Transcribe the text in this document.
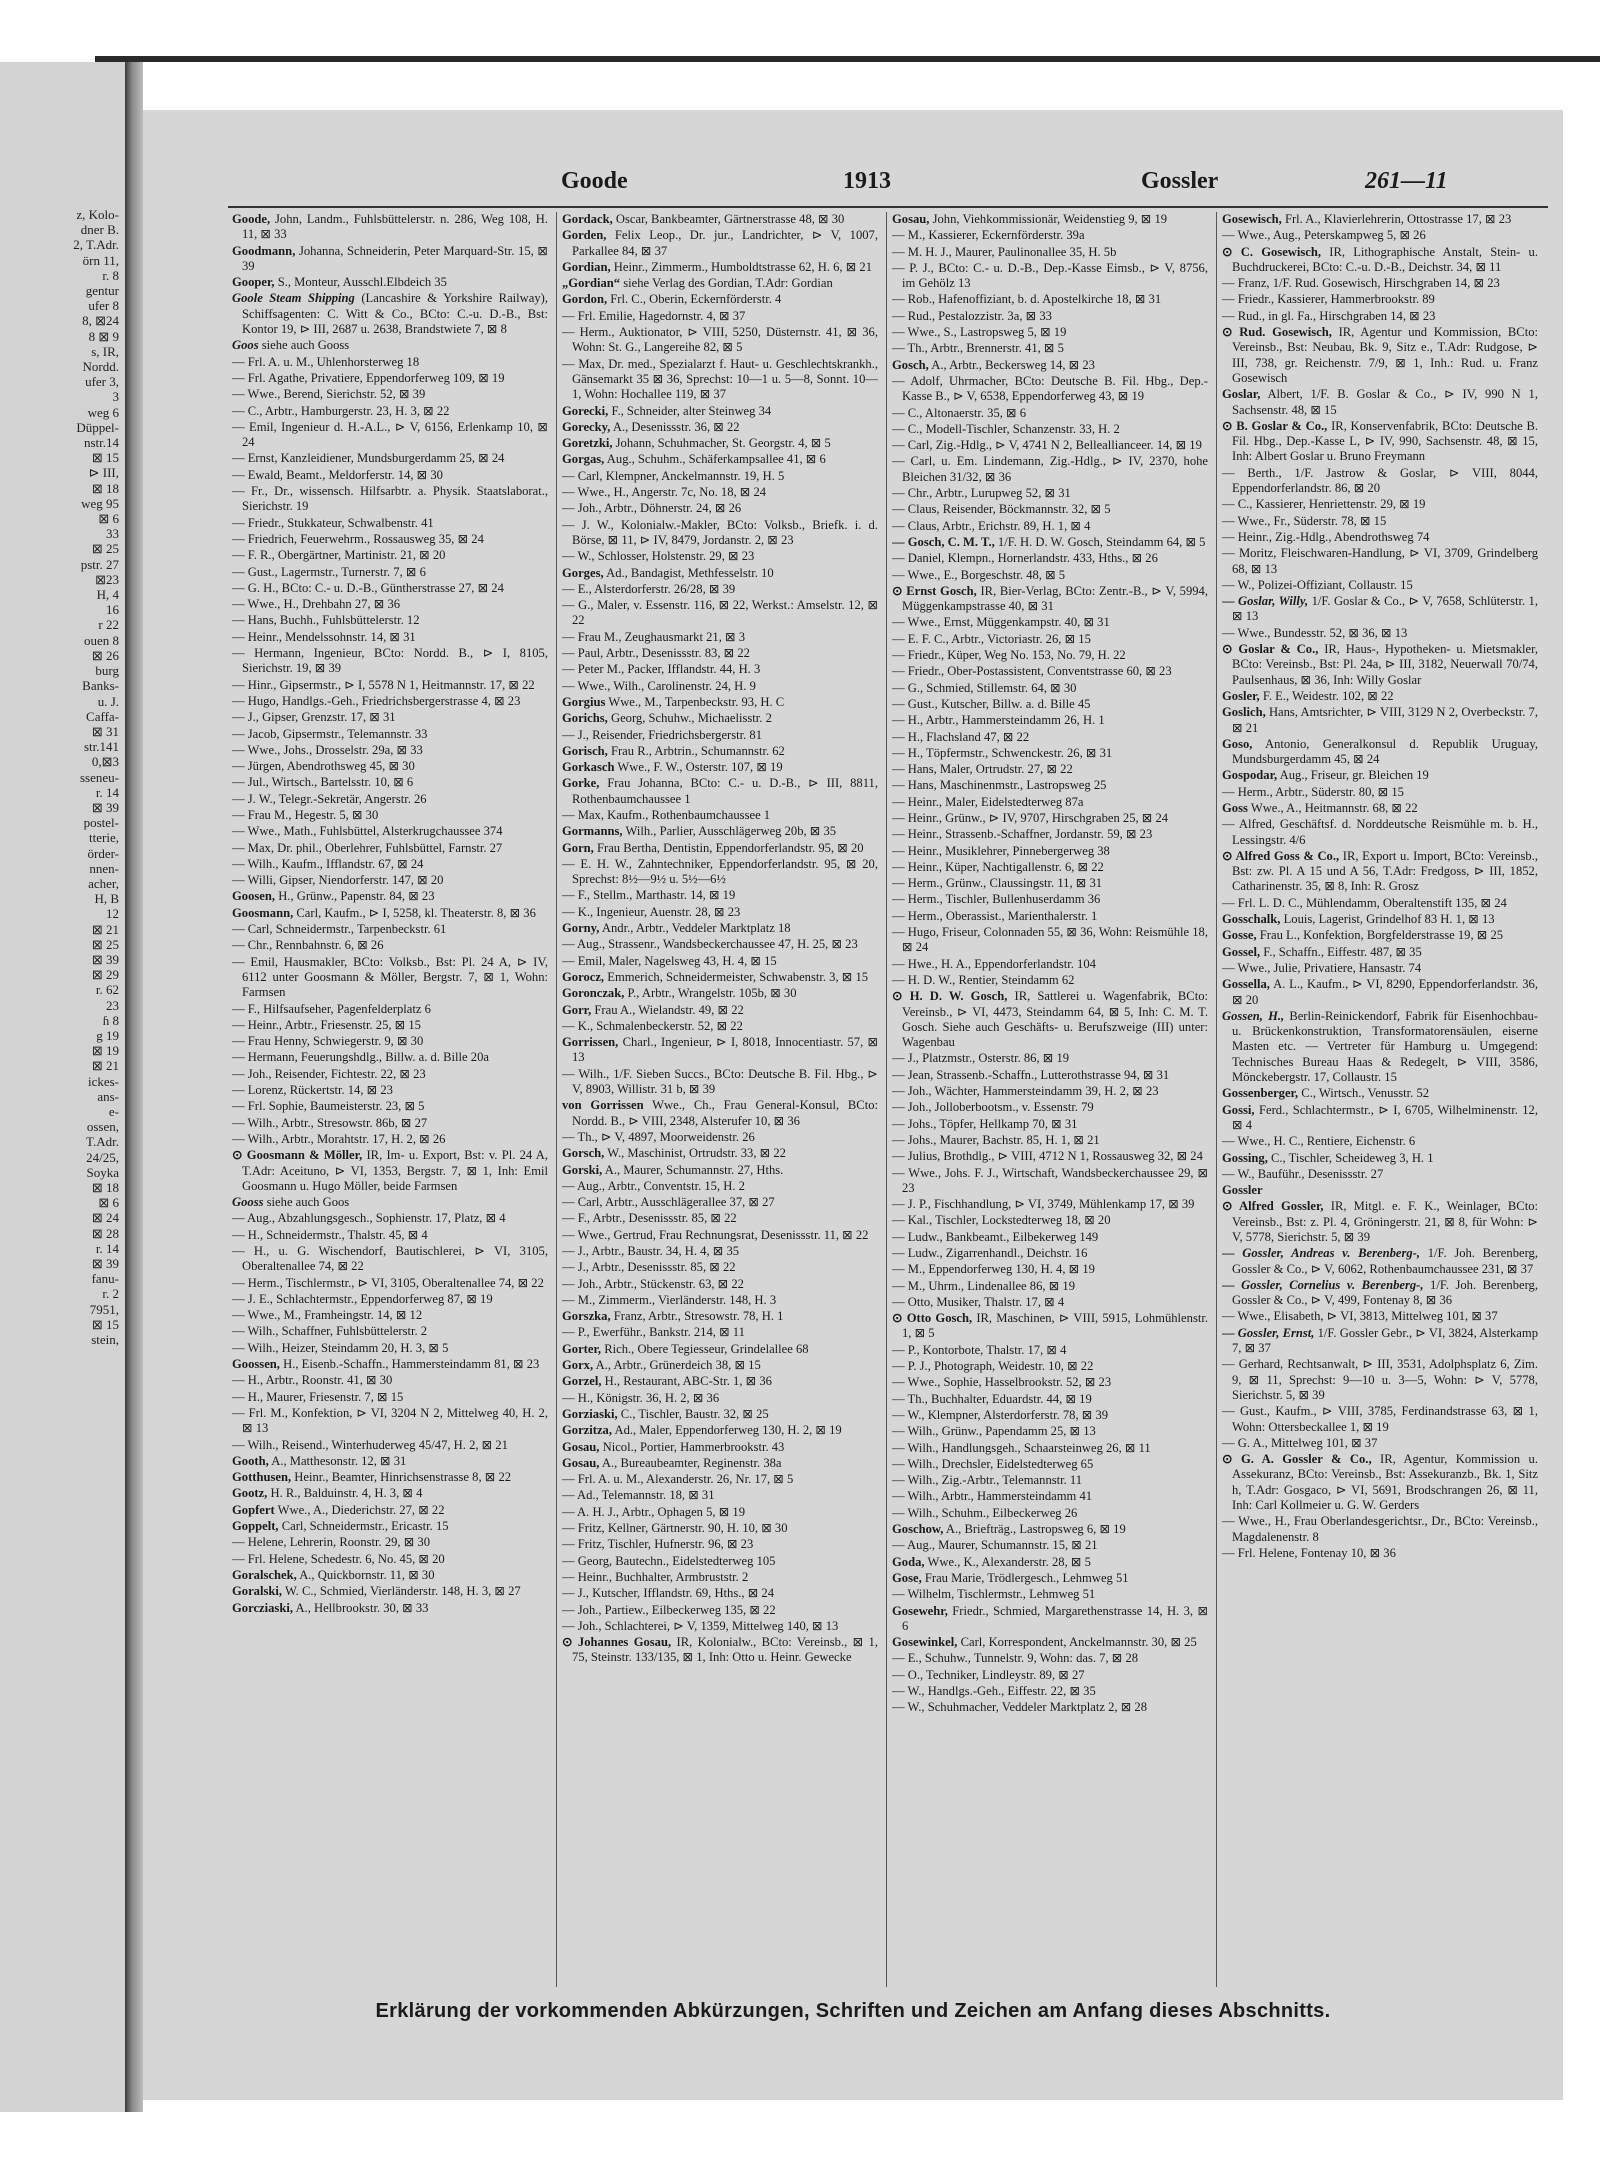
z, Kolo-
dner B.
2, T.Adr.
örn 11,
r. 8
gentur
ufer 8
8, ⊠24
8 ⊠ 9
s, IR,
Nordd.
ufer 3,
3
weg 6
Düppel-
nstr.14
⊠ 15
⊳ III,
⊠ 18
weg 95
⊠ 6
33
⊠ 25
pstr. 27
⊠23
H, 4
16
r 22
ouen 8
⊠ 26
burg
Banks-
u. J.
Caffa-
⊠ 31
str.141
0,⊠3
sseneu-
r. 14
⊠ 39
postel-
tterie,
örder-
nnen-
acher,
H, B
12
⊠ 21
⊠ 25
⊠ 39
⊠ 29
r. 62
23
ɦ 8
g 19
⊠ 19
⊠ 21
ickes-
ans-
e-
ossen,
T.Adr.
24/25,
Soyka
⊠ 18
⊠ 6
⊠ 24
⊠ 28
r. 14
⊠ 39
fanu-
r. 2
7951,
⊠ 15
stein,
Goode	1913	Gossler	261—11
Goode, John, Landm., Fuhlsbüttelerstr. n. 286, Weg 108, H. 11, ⊠ 33
Goodmann, Johanna, Schneiderin, Peter Marquard-Str. 15, ⊠ 39
Gooper, S., Monteur, Ausschl.Elbdeich 35
Goole Steam Shipping (Lancashire & Yorkshire Railway), Schiffsagenten: C. Witt & Co., BCto: C.-u. D.-B., Bst: Kontor 19, ⊳ III, 2687 u. 2638, Brandstwiete 7, ⊠ 8
Goos siehe auch Gooss
— Frl. A. u. M., Uhlenhorsterweg 18
— Frl. Agathe, Privatiere, Eppendorferweg 109, ⊠ 19
— Wwe., Berend, Sierichstr. 52, ⊠ 39
— C., Arbtr., Hamburgerstr. 23, H. 3, ⊠ 22
— Emil, Ingenieur d. H.-A.L., ⊳ V, 6156, Erlenkamp 10, ⊠ 24
— Ernst, Kanzleidiener, Mundsburgerdamm 25, ⊠ 24
— Ewald, Beamt., Meldorferstr. 14, ⊠ 30
— Fr., Dr., wissensch. Hilfsarbtr. a. Physik. Staatslaborat., Sierichstr. 19
— Friedr., Stukkateur, Schwalbenstr. 41
— Friedrich, Feuerwehrm., Rossausweg 35, ⊠ 24
— F. R., Obergärtner, Martinistr. 21, ⊠ 20
— Gust., Lagermstr., Turnerstr. 7, ⊠ 6
— G. H., BCto: C.- u. D.-B., Güntherstrasse 27, ⊠ 24
— Wwe., H., Drehbahn 27, ⊠ 36
— Hans, Buchh., Fuhlsbüttelerstr. 12
— Heinr., Mendelssohnstr. 14, ⊠ 31
— Hermann, Ingenieur, BCto: Nordd. B., ⊳ I, 8105, Sierichstr. 19, ⊠ 39
— Hinr., Gipsermstr., ⊳ I, 5578 N 1, Heitmannstr. 17, ⊠ 22
— Hugo, Handlgs.-Geh., Friedrichsbergerstrasse 4, ⊠ 23
— J., Gipser, Grenzstr. 17, ⊠ 31
— Jacob, Gipsermstr., Telemannstr. 33
— Wwe., Johs., Drosselstr. 29a, ⊠ 33
— Jürgen, Abendrothsweg 45, ⊠ 30
— Jul., Wirtsch., Bartelsstr. 10, ⊠ 6
— J. W., Telegr.-Sekretär, Angerstr. 26
— Frau M., Hegestr. 5, ⊠ 30
— Wwe., Math., Fuhlsbüttel, Alsterkrugchaussee 374
— Max, Dr. phil., Oberlehrer, Fuhlsbüttel, Farnstr. 27
— Wilh., Kaufm., Ifflandstr. 67, ⊠ 24
— Willi, Gipser, Niendorferstr. 147, ⊠ 20
Goosen, H., Grünw., Papenstr. 84, ⊠ 23
Goosmann, Carl, Kaufm., ⊳ I, 5258, kl. Theaterstr. 8, ⊠ 36
— Carl, Schneidermstr., Tarpenbeckstr. 61
— Chr., Rennbahnstr. 6, ⊠ 26
— Emil, Hausmakler, BCto: Volksb., Bst: Pl. 24 A, ⊳ IV, 6112 unter Goosmann & Möller, Bergstr. 7, ⊠ 1, Wohn: Farmsen
— F., Hilfsaufseher, Pagenfelderplatz 6
— Heinr., Arbtr., Friesenstr. 25, ⊠ 15
— Frau Henny, Schwiegerstr. 9, ⊠ 30
— Hermann, Feuerungshdlg., Billw. a. d. Bille 20a
— Joh., Reisender, Fichtestr. 22, ⊠ 23
— Lorenz, Rückertstr. 14, ⊠ 23
— Frl. Sophie, Baumeisterstr. 23, ⊠ 5
— Wilh., Arbtr., Stresowstr. 86b, ⊠ 27
— Wilh., Arbtr., Morahtstr. 17, H. 2, ⊠ 26
⊙ Goosmann & Möller, IR, Im- u. Export, Bst: v. Pl. 24 A, T.Adr: Aceituno, ⊳ VI, 1353, Bergstr. 7, ⊠ 1, Inh: Emil Goosmann u. Hugo Möller, beide Farmsen
Gooss siehe auch Goos
— Aug., Abzahlungsgesch., Sophienstr. 17, Platz, ⊠ 4
— H., Schneidermstr., Thalstr. 45, ⊠ 4
— H., u. G. Wischendorf, Bautischlerei, ⊳ VI, 3105, Oberaltenallee 74, ⊠ 22
— Herm., Tischlermstr., ⊳ VI, 3105, Oberaltenallee 74, ⊠ 22
— J. E., Schlachtermstr., Eppendorferweg 87, ⊠ 19
— Wwe., M., Framheingstr. 14, ⊠ 12
— Wilh., Schaffner, Fuhlsbüttelerstr. 2
— Wilh., Heizer, Steindamm 20, H. 3, ⊠ 5
Goossen, H., Eisenb.-Schaffn., Hammersteindamm 81, ⊠ 23
— H., Arbtr., Roonstr. 41, ⊠ 30
— H., Maurer, Friesenstr. 7, ⊠ 15
— Frl. M., Konfektion, ⊳ VI, 3204 N 2, Mittelweg 40, H. 2, ⊠ 13
— Wilh., Reisend., Winterhuderweg 45/47, H. 2, ⊠ 21
Gooth, A., Matthesonstr. 12, ⊠ 31
Gotthusen, Heinr., Beamter, Hinrichsenstrasse 8, ⊠ 22
Gootz, H. R., Balduinstr. 4, H. 3, ⊠ 4
Gopfert Wwe., A., Diederichstr. 27, ⊠ 22
Goppelt, Carl, Schneidermstr., Ericastr. 15
— Helene, Lehrerin, Roonstr. 29, ⊠ 30
— Frl. Helene, Schedestr. 6, No. 45, ⊠ 20
Goralschek, A., Quickbornstr. 11, ⊠ 30
Goralski, W. C., Schmied, Vierländerstr. 148, H. 3, ⊠ 27
Gorcziaski, A., Hellbrookstr. 30, ⊠ 33
Gordack, Oscar, Bankbeamter, Gärtnerstrasse 48, ⊠ 30
Gorden, Felix Leop., Dr. jur., Landrichter, ⊳ V, 1007, Parkallee 84, ⊠ 37
Gordian, Heinr., Zimmerm., Humboldtstrasse 62, H. 6, ⊠ 21
„Gordian“ siehe Verlag des Gordian, T.Adr: Gordian
Gordon, Frl. C., Oberin, Eckernförderstr. 4
— Frl. Emilie, Hagedornstr. 4, ⊠ 37
— Herm., Auktionator, ⊳ VIII, 5250, Düsternstr. 41, ⊠ 36, Wohn: St. G., Langereihe 82, ⊠ 5
— Max, Dr. med., Spezialarzt f. Haut- u. Geschlechtskrankh., Gänsemarkt 35 ⊠ 36, Sprechst: 10—1 u. 5—8, Sonnt. 10—1, Wohn: Hochallee 119, ⊠ 37
Gorecki, F., Schneider, alter Steinweg 34
Gorecky, A., Desenissstr. 36, ⊠ 22
Goretzki, Johann, Schuhmacher, St. Georgstr. 4, ⊠ 5
Gorgas, Aug., Schuhm., Schäferkampsallee 41, ⊠ 6
— Carl, Klempner, Anckelmannstr. 19, H. 5
— Wwe., H., Angerstr. 7c, No. 18, ⊠ 24
— Joh., Arbtr., Döhnerstr. 24, ⊠ 26
— J. W., Kolonialw.-Makler, BCto: Volksb., Briefk. i. d. Börse, ⊠ 11, ⊳ IV, 8479, Jordanstr. 2, ⊠ 23
— W., Schlosser, Holstenstr. 29, ⊠ 23
Gorges, Ad., Bandagist, Methfesselstr. 10
— E., Alsterdorferstr. 26/28, ⊠ 39
— G., Maler, v. Essenstr. 116, ⊠ 22, Werkst.: Amselstr. 12, ⊠ 22
— Frau M., Zeughausmarkt 21, ⊠ 3
— Paul, Arbtr., Desenissstr. 83, ⊠ 22
— Peter M., Packer, Ifflandstr. 44, H. 3
— Wwe., Wilh., Carolinenstr. 24, H. 9
Gorgius Wwe., M., Tarpenbeckstr. 93, H. C
Gorichs, Georg, Schuhw., Michaelisstr. 2
— J., Reisender, Friedrichsbergerstr. 81
Gorisch, Frau R., Arbtrin., Schumannstr. 62
Gorkasch Wwe., F. W., Osterstr. 107, ⊠ 19
Gorke, Frau Johanna, BCto: C.- u. D.-B., ⊳ III, 8811, Rothenbaumchaussee 1
— Max, Kaufm., Rothenbaumchaussee 1
Gormanns, Wilh., Parlier, Ausschlägerweg 20b, ⊠ 35
Gorn, Frau Bertha, Dentistin, Eppendorferlandstr. 95, ⊠ 20
— E. H. W., Zahntechniker, Eppendorferlandstr. 95, ⊠ 20, Sprechst: 8½—9½ u. 5½—6½
— F., Stellm., Marthastr. 14, ⊠ 19
— K., Ingenieur, Auenstr. 28, ⊠ 23
Gorny, Andr., Arbtr., Veddeler Marktplatz 18
— Aug., Strassenr., Wandsbeckerchaussee 47, H. 25, ⊠ 23
— Emil, Maler, Nagelsweg 43, H. 4, ⊠ 15
Gorocz, Emmerich, Schneidermeister, Schwabenstr. 3, ⊠ 15
Goronczak, P., Arbtr., Wrangelstr. 105b, ⊠ 30
Gorr, Frau A., Wielandstr. 49, ⊠ 22
— K., Schmalenbeckerstr. 52, ⊠ 22
Gorrissen, Charl., Ingenieur, ⊳ I, 8018, Innocentiastr. 57, ⊠ 13
— Wilh., 1/F. Sieben Succs., BCto: Deutsche B. Fil. Hbg., ⊳ V, 8903, Willistr. 31 b, ⊠ 39
von Gorrissen Wwe., Ch., Frau General-Konsul, BCto: Nordd. B., ⊳ VIII, 2348, Alsterufer 10, ⊠ 36
— Th., ⊳ V, 4897, Moorweidenstr. 26
Gorsch, W., Maschinist, Ortrudstr. 33, ⊠ 22
Gorski, A., Maurer, Schumannstr. 27, Hths.
— Aug., Arbtr., Conventstr. 15, H. 2
— Carl, Arbtr., Ausschlägerallee 37, ⊠ 27
— F., Arbtr., Desenissstr. 85, ⊠ 22
— Wwe., Gertrud, Frau Rechnungsrat, Desenissstr. 11, ⊠ 22
— J., Arbtr., Baustr. 34, H. 4, ⊠ 35
— J., Arbtr., Desenissstr. 85, ⊠ 22
— Joh., Arbtr., Stückenstr. 63, ⊠ 22
— M., Zimmerm., Vierländerstr. 148, H. 3
Gorszka, Franz, Arbtr., Stresowstr. 78, H. 1
— P., Ewerführ., Bankstr. 214, ⊠ 11
Gorter, Rich., Obere Tegiesseur, Grindelallee 68
Gorx, A., Arbtr., Grünerdeich 38, ⊠ 15
Gorzel, H., Restaurant, ABC-Str. 1, ⊠ 36
— H., Königstr. 36, H. 2, ⊠ 36
Gorziaski, C., Tischler, Baustr. 32, ⊠ 25
Gorzitza, Ad., Maler, Eppendorferweg 130, H. 2, ⊠ 19
Gosau, Nicol., Portier, Hammerbrookstr. 43
Gosau, A., Bureaubeamter, Reginenstr. 38a
— Frl. A. u. M., Alexanderstr. 26, Nr. 17, ⊠ 5
— Ad., Telemannstr. 18, ⊠ 31
— A. H. J., Arbtr., Ophagen 5, ⊠ 19
— Fritz, Kellner, Gärtnerstr. 90, H. 10, ⊠ 30
— Fritz, Tischler, Hufnerstr. 96, ⊠ 23
— Georg, Bautechn., Eidelstedterweg 105
— Heinr., Buchhalter, Armbruststr. 2
— J., Kutscher, Ifflandstr. 69, Hths., ⊠ 24
— Joh., Partiew., Eilbeckerweg 135, ⊠ 22
— Joh., Schlachterei, ⊳ V, 1359, Mittelweg 140, ⊠ 13
⊙ Johannes Gosau, IR, Kolonialw., BCto: Vereinsb., ⊠ 1, 75, Steinstr. 133/135, ⊠ 1, Inh: Otto u. Heinr. Gewecke
Gosau, John, Viehkommissionär, Weidenstieg 9, ⊠ 19
— M., Kassierer, Eckernförderstr. 39a
— M. H. J., Maurer, Paulinonallee 35, H. 5b
— P. J., BCto: C.- u. D.-B., Dep.-Kasse Eimsb., ⊳ V, 8756, im Gehölz 13
— Rob., Hafenoffiziant, b. d. Apostelkirche 18, ⊠ 31
— Rud., Pestalozzistr. 3a, ⊠ 33
— Wwe., S., Lastropsweg 5, ⊠ 19
— Th., Arbtr., Brennerstr. 41, ⊠ 5
Gosch, A., Arbtr., Beckersweg 14, ⊠ 23
— Adolf, Uhrmacher, BCto: Deutsche B. Fil. Hbg., Dep.-Kasse B., ⊳ V, 6538, Eppendorferweg 43, ⊠ 19
— C., Altonaerstr. 35, ⊠ 6
— C., Modell-Tischler, Schanzenstr. 33, H. 2
— Carl, Zig.-Hdlg., ⊳ V, 4741 N 2, Belleallianceer. 14, ⊠ 19
— Carl, u. Em. Lindemann, Zig.-Hdlg., ⊳ IV, 2370, hohe Bleichen 31/32, ⊠ 36
— Chr., Arbtr., Lurupweg 52, ⊠ 31
— Claus, Reisender, Böckmannstr. 32, ⊠ 5
— Claus, Arbtr., Erichstr. 89, H. 1, ⊠ 4
— Gosch, C. M. T., 1/F. H. D. W. Gosch, Steindamm 64, ⊠ 5
— Daniel, Klempn., Hornerlandstr. 433, Hths., ⊠ 26
— Wwe., E., Borgeschstr. 48, ⊠ 5
⊙ Ernst Gosch, IR, Bier-Verlag, BCto: Zentr.-B., ⊳ V, 5994, Müggenkampstrasse 40, ⊠ 31
— Wwe., Ernst, Müggenkampstr. 40, ⊠ 31
— E. F. C., Arbtr., Victoriastr. 26, ⊠ 15
— Friedr., Küper, Weg No. 153, No. 79, H. 22
— Friedr., Ober-Postassistent, Conventstrasse 60, ⊠ 23
— G., Schmied, Stillemstr. 64, ⊠ 30
— Gust., Kutscher, Billw. a. d. Bille 45
— H., Arbtr., Hammersteindamm 26, H. 1
— H., Flachsland 47, ⊠ 22
— H., Töpfermstr., Schwenckestr. 26, ⊠ 31
— Hans, Maler, Ortrudstr. 27, ⊠ 22
— Hans, Maschinenmstr., Lastropsweg 25
— Heinr., Maler, Eidelstedterweg 87a
— Heinr., Grünw., ⊳ IV, 9707, Hirschgraben 25, ⊠ 24
— Heinr., Strassenb.-Schaffner, Jordanstr. 59, ⊠ 23
— Heinr., Musiklehrer, Pinnebergerweg 38
— Heinr., Küper, Nachtigallenstr. 6, ⊠ 22
— Herm., Grünw., Claussingstr. 11, ⊠ 31
— Herm., Tischler, Bullenhuserdamm 36
— Herm., Oberassist., Marienthalerstr. 1
— Hugo, Friseur, Colonnaden 55, ⊠ 36, Wohn: Reismühle 18, ⊠ 24
— Hwe., H. A., Eppendorferlandstr. 104
— H. D. W., Rentier, Steindamm 62
⊙ H. D. W. Gosch, IR, Sattlerei u. Wagenfabrik, BCto: Vereinsb., ⊳ VI, 4473, Steindamm 64, ⊠ 5, Inh: C. M. T. Gosch. Siehe auch Geschäfts- u. Berufszweige (III) unter: Wagenbau
— J., Platzmstr., Osterstr. 86, ⊠ 19
— Jean, Strassenb.-Schaffn., Lutterothstrasse 94, ⊠ 31
— Joh., Wächter, Hammersteindamm 39, H. 2, ⊠ 23
— Joh., Jolloberbootsm., v. Essenstr. 79
— Johs., Töpfer, Hellkamp 70, ⊠ 31
— Johs., Maurer, Bachstr. 85, H. 1, ⊠ 21
— Julius, Brothdlg., ⊳ VIII, 4712 N 1, Rossausweg 32, ⊠ 24
— Wwe., Johs. F. J., Wirtschaft, Wandsbeckerchaussee 29, ⊠ 23
— J. P., Fischhandlung, ⊳ VI, 3749, Mühlenkamp 17, ⊠ 39
— Kal., Tischler, Lockstedterweg 18, ⊠ 20
— Ludw., Bankbeamt., Eilbekerweg 149
— Ludw., Zigarrenhandl., Deichstr. 16
— M., Eppendorferweg 130, H. 4, ⊠ 19
— M., Uhrm., Lindenallee 86, ⊠ 19
— Otto, Musiker, Thalstr. 17, ⊠ 4
⊙ Otto Gosch, IR, Maschinen, ⊳ VIII, 5915, Lohmühlenstr. 1, ⊠ 5
— P., Kontorbote, Thalstr. 17, ⊠ 4
— P. J., Photograph, Weidestr. 10, ⊠ 22
— Wwe., Sophie, Hasselbrookstr. 52, ⊠ 23
— Th., Buchhalter, Eduardstr. 44, ⊠ 19
— W., Klempner, Alsterdorferstr. 78, ⊠ 39
— Wilh., Grünw., Papendamm 25, ⊠ 13
— Wilh., Handlungsgeh., Schaarsteinweg 26, ⊠ 11
— Wilh., Drechsler, Eidelstedterweg 65
— Wilh., Zig.-Arbtr., Telemannstr. 11
— Wilh., Arbtr., Hammersteindamm 41
— Wilh., Schuhm., Eilbeckerweg 26
Goschow, A., Briefträg., Lastropsweg 6, ⊠ 19
— Aug., Maurer, Schumannstr. 15, ⊠ 21
Goda, Wwe., K., Alexanderstr. 28, ⊠ 5
Gose, Frau Marie, Trödlergesch., Lehmweg 51
— Wilhelm, Tischlermstr., Lehmweg 51
Gosewehr, Friedr., Schmied, Margarethenstrasse 14, H. 3, ⊠ 6
Gosewinkel, Carl, Korrespondent, Anckelmannstr. 30, ⊠ 25
— E., Schuhw., Tunnelstr. 9, Wohn: das. 7, ⊠ 28
— O., Techniker, Lindleystr. 89, ⊠ 27
— W., Handlgs.-Geh., Eiffestr. 22, ⊠ 35
— W., Schuhmacher, Veddeler Marktplatz 2, ⊠ 28
Gosewisch, Frl. A., Klavierlehrerin, Ottostrasse 17, ⊠ 23
— Wwe., Aug., Peterskampweg 5, ⊠ 26
⊙ C. Gosewisch, IR, Lithographische Anstalt, Stein- u. Buchdruckerei, BCto: C.-u. D.-B., Deichstr. 34, ⊠ 11
— Franz, 1/F. Rud. Gosewisch, Hirschgraben 14, ⊠ 23
— Friedr., Kassierer, Hammerbrookstr. 89
— Rud., in gl. Fa., Hirschgraben 14, ⊠ 23
⊙ Rud. Gosewisch, IR, Agentur und Kommission, BCto: Vereinsb., Bst: Neubau, Bk. 9, Sitz e., T.Adr: Rudgose, ⊳ III, 738, gr. Reichenstr. 7/9, ⊠ 1, Inh.: Rud. u. Franz Gosewisch
Goslar, Albert, 1/F. B. Goslar & Co., ⊳ IV, 990 N 1, Sachsenstr. 48, ⊠ 15
⊙ B. Goslar & Co., IR, Konservenfabrik, BCto: Deutsche B. Fil. Hbg., Dep.-Kasse L, ⊳ IV, 990, Sachsenstr. 48, ⊠ 15, Inh: Albert Goslar u. Bruno Freymann
— Berth., 1/F. Jastrow & Goslar, ⊳ VIII, 8044, Eppendorferlandstr. 86, ⊠ 20
— C., Kassierer, Henriettenstr. 29, ⊠ 19
— Wwe., Fr., Süderstr. 78, ⊠ 15
— Heinr., Zig.-Hdlg., Abendrothsweg 74
— Moritz, Fleischwaren-Handlung, ⊳ VI, 3709, Grindelberg 68, ⊠ 13
— W., Polizei-Offiziant, Collaustr. 15
— Goslar, Willy, 1/F. Goslar & Co., ⊳ V, 7658, Schlüterstr. 1, ⊠ 13
— Wwe., Bundesstr. 52, ⊠ 36, ⊠ 13
⊙ Goslar & Co., IR, Haus-, Hypotheken- u. Mietsmakler, BCto: Vereinsb., Bst: Pl. 24a, ⊳ III, 3182, Neuerwall 70/74, Paulsenhaus, ⊠ 36, Inh: Willy Goslar
Gosler, F. E., Weidestr. 102, ⊠ 22
Goslich, Hans, Amtsrichter, ⊳ VIII, 3129 N 2, Overbeckstr. 7, ⊠ 21
Goso, Antonio, Generalkonsul d. Republik Uruguay, Mundsburgerdamm 45, ⊠ 24
Gospodar, Aug., Friseur, gr. Bleichen 19
— Herm., Arbtr., Süderstr. 80, ⊠ 15
Goss Wwe., A., Heitmannstr. 68, ⊠ 22
— Alfred, Geschäftsf. d. Norddeutsche Reismühle m. b. H., Lessingstr. 4/6
⊙ Alfred Goss & Co., IR, Export u. Import, BCto: Vereinsb., Bst: zw. Pl. A 15 und A 56, T.Adr: Fredgoss, ⊳ III, 1852, Catharinenstr. 35, ⊠ 8, Inh: R. Grosz
— Frl. L. D. C., Mühlendamm, Oberaltenstift 135, ⊠ 24
Gosschalk, Louis, Lagerist, Grindelhof 83 H. 1, ⊠ 13
Gosse, Frau L., Konfektion, Borgfelderstrasse 19, ⊠ 25
Gossel, F., Schaffn., Eiffestr. 487, ⊠ 35
— Wwe., Julie, Privatiere, Hansastr. 74
Gossella, A. L., Kaufm., ⊳ VI, 8290, Eppendorferlandstr. 36, ⊠ 20
Gossen, H., Berlin-Reinickendorf, Fabrik für Eisenhochbau- u. Brückenkonstruktion, Transformatorensäulen, eiserne Masten etc. — Vertreter für Hamburg u. Umgegend: Technisches Bureau Haas & Redegelt, ⊳ VIII, 3586, Mönckebergstr. 17, Collaustr. 15
Gossenberger, C., Wirtsch., Venusstr. 52
Gossi, Ferd., Schlachtermstr., ⊳ I, 6705, Wilhelminenstr. 12, ⊠ 4
— Wwe., H. C., Rentiere, Eichenstr. 6
Gossing, C., Tischler, Scheideweg 3, H. 1
— W., Bauführ., Desenissstr. 27
Gossler
⊙ Alfred Gossler, IR, Mitgl. e. F. K., Weinlager, BCto: Vereinsb., Bst: z. Pl. 4, Gröningerstr. 21, ⊠ 8, für Wohn: ⊳ V, 5778, Sierichstr. 5, ⊠ 39
— Gossler, Andreas v. Berenberg-, 1/F. Joh. Berenberg, Gossler & Co., ⊳ V, 6062, Rothenbaumchaussee 231, ⊠ 37
— Gossler, Cornelius v. Berenberg-, 1/F. Joh. Berenberg, Gossler & Co., ⊳ V, 499, Fontenay 8, ⊠ 36
— Wwe., Elisabeth, ⊳ VI, 3813, Mittelweg 101, ⊠ 37
— Gossler, Ernst, 1/F. Gossler Gebr., ⊳ VI, 3824, Alsterkamp 7, ⊠ 37
— Gerhard, Rechtsanwalt, ⊳ III, 3531, Adolphsplatz 6, Zim. 9, ⊠ 11, Sprechst: 9—10 u. 3—5, Wohn: ⊳ V, 5778, Sierichstr. 5, ⊠ 39
— Gust., Kaufm., ⊳ VIII, 3785, Ferdinandstrasse 63, ⊠ 1, Wohn: Ottersbeckallee 1, ⊠ 19
— G. A., Mittelweg 101, ⊠ 37
⊙ G. A. Gossler & Co., IR, Agentur, Kommission u. Assekuranz, BCto: Vereinsb., Bst: Assekuranzb., Bk. 1, Sitz h, T.Adr: Gosgaco, ⊳ VI, 5691, Brodschrangen 26, ⊠ 11, Inh: Carl Kollmeier u. G. W. Gerders
— Wwe., H., Frau Oberlandesgerichtsr., Dr., BCto: Vereinsb., Magdalenenstr. 8
— Frl. Helene, Fontenay 10, ⊠ 36
Erklärung der vorkommenden Abkürzungen, Schriften und Zeichen am Anfang dieses Abschnitts.
